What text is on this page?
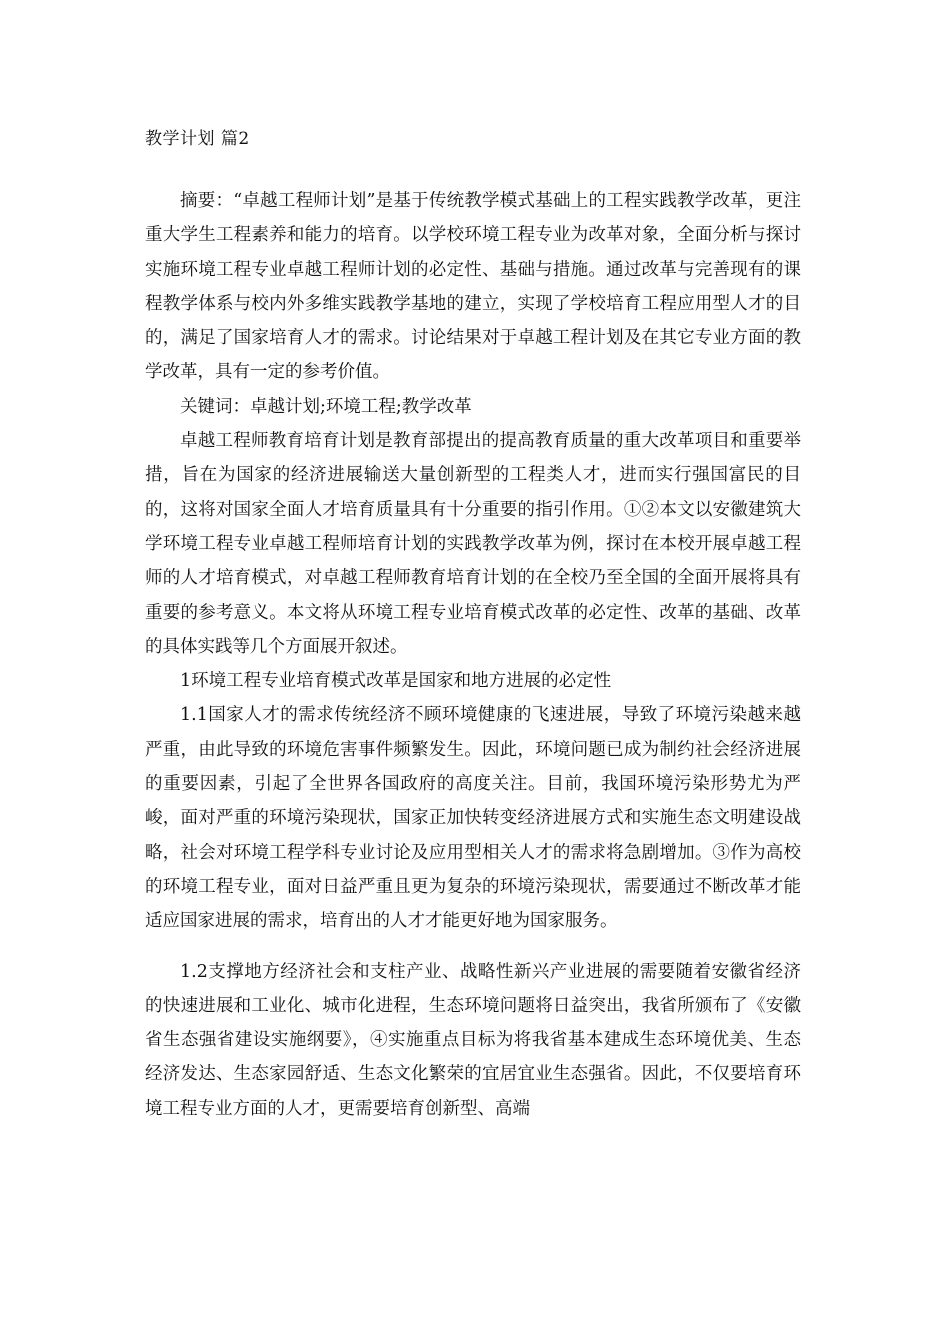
教学计划 篇2

摘要：“卓越工程师计划”是基于传统教学模式基础上的工程实践教学改革，更注重大学生工程素养和能力的培育。以学校环境工程专业为改革对象，全面分析与探讨实施环境工程专业卓越工程师计划的必定性、基础与措施。通过改革与完善现有的课程教学体系与校内外多维实践教学基地的建立，实现了学校培育工程应用型人才的目的，满足了国家培育人才的需求。讨论结果对于卓越工程计划及在其它专业方面的教学改革，具有一定的参考价值。

关键词：卓越计划;环境工程;教学改革

卓越工程师教育培育计划是教育部提出的提高教育质量的重大改革项目和重要举措，旨在为国家的经济进展输送大量创新型的工程类人才，进而实行强国富民的目的，这将对国家全面人才培育质量具有十分重要的指引作用。①②本文以安徽建筑大学环境工程专业卓越工程师培育计划的实践教学改革为例，探讨在本校开展卓越工程师的人才培育模式，对卓越工程师教育培育计划的在全校乃至全国的全面开展将具有重要的参考意义。本文将从环境工程专业培育模式改革的必定性、改革的基础、改革的具体实践等几个方面展开叙述。

1环境工程专业培育模式改革是国家和地方进展的必定性

1.1国家人才的需求传统经济不顾环境健康的飞速进展，导致了环境污染越来越严重，由此导致的环境危害事件频繁发生。因此，环境问题已成为制约社会经济进展的重要因素，引起了全世界各国政府的高度关注。目前，我国环境污染形势尤为严峻，面对严重的环境污染现状，国家正加快转变经济进展方式和实施生态文明建设战略，社会对环境工程学科专业讨论及应用型相关人才的需求将急剧增加。③作为高校的环境工程专业，面对日益严重且更为复杂的环境污染现状，需要通过不断改革才能适应国家进展的需求，培育出的人才才能更好地为国家服务。

1.2支撑地方经济社会和支柱产业、战略性新兴产业进展的需要随着安徽省经济的快速进展和工业化、城市化进程，生态环境问题将日益突出，我省所颁布了《安徽省生态强省建设实施纲要》，④实施重点目标为将我省基本建成生态环境优美、生态经济发达、生态家园舒适、生态文化繁荣的宜居宜业生态强省。因此，不仅要培育环境工程专业方面的人才，更需要培育创新型、高端
